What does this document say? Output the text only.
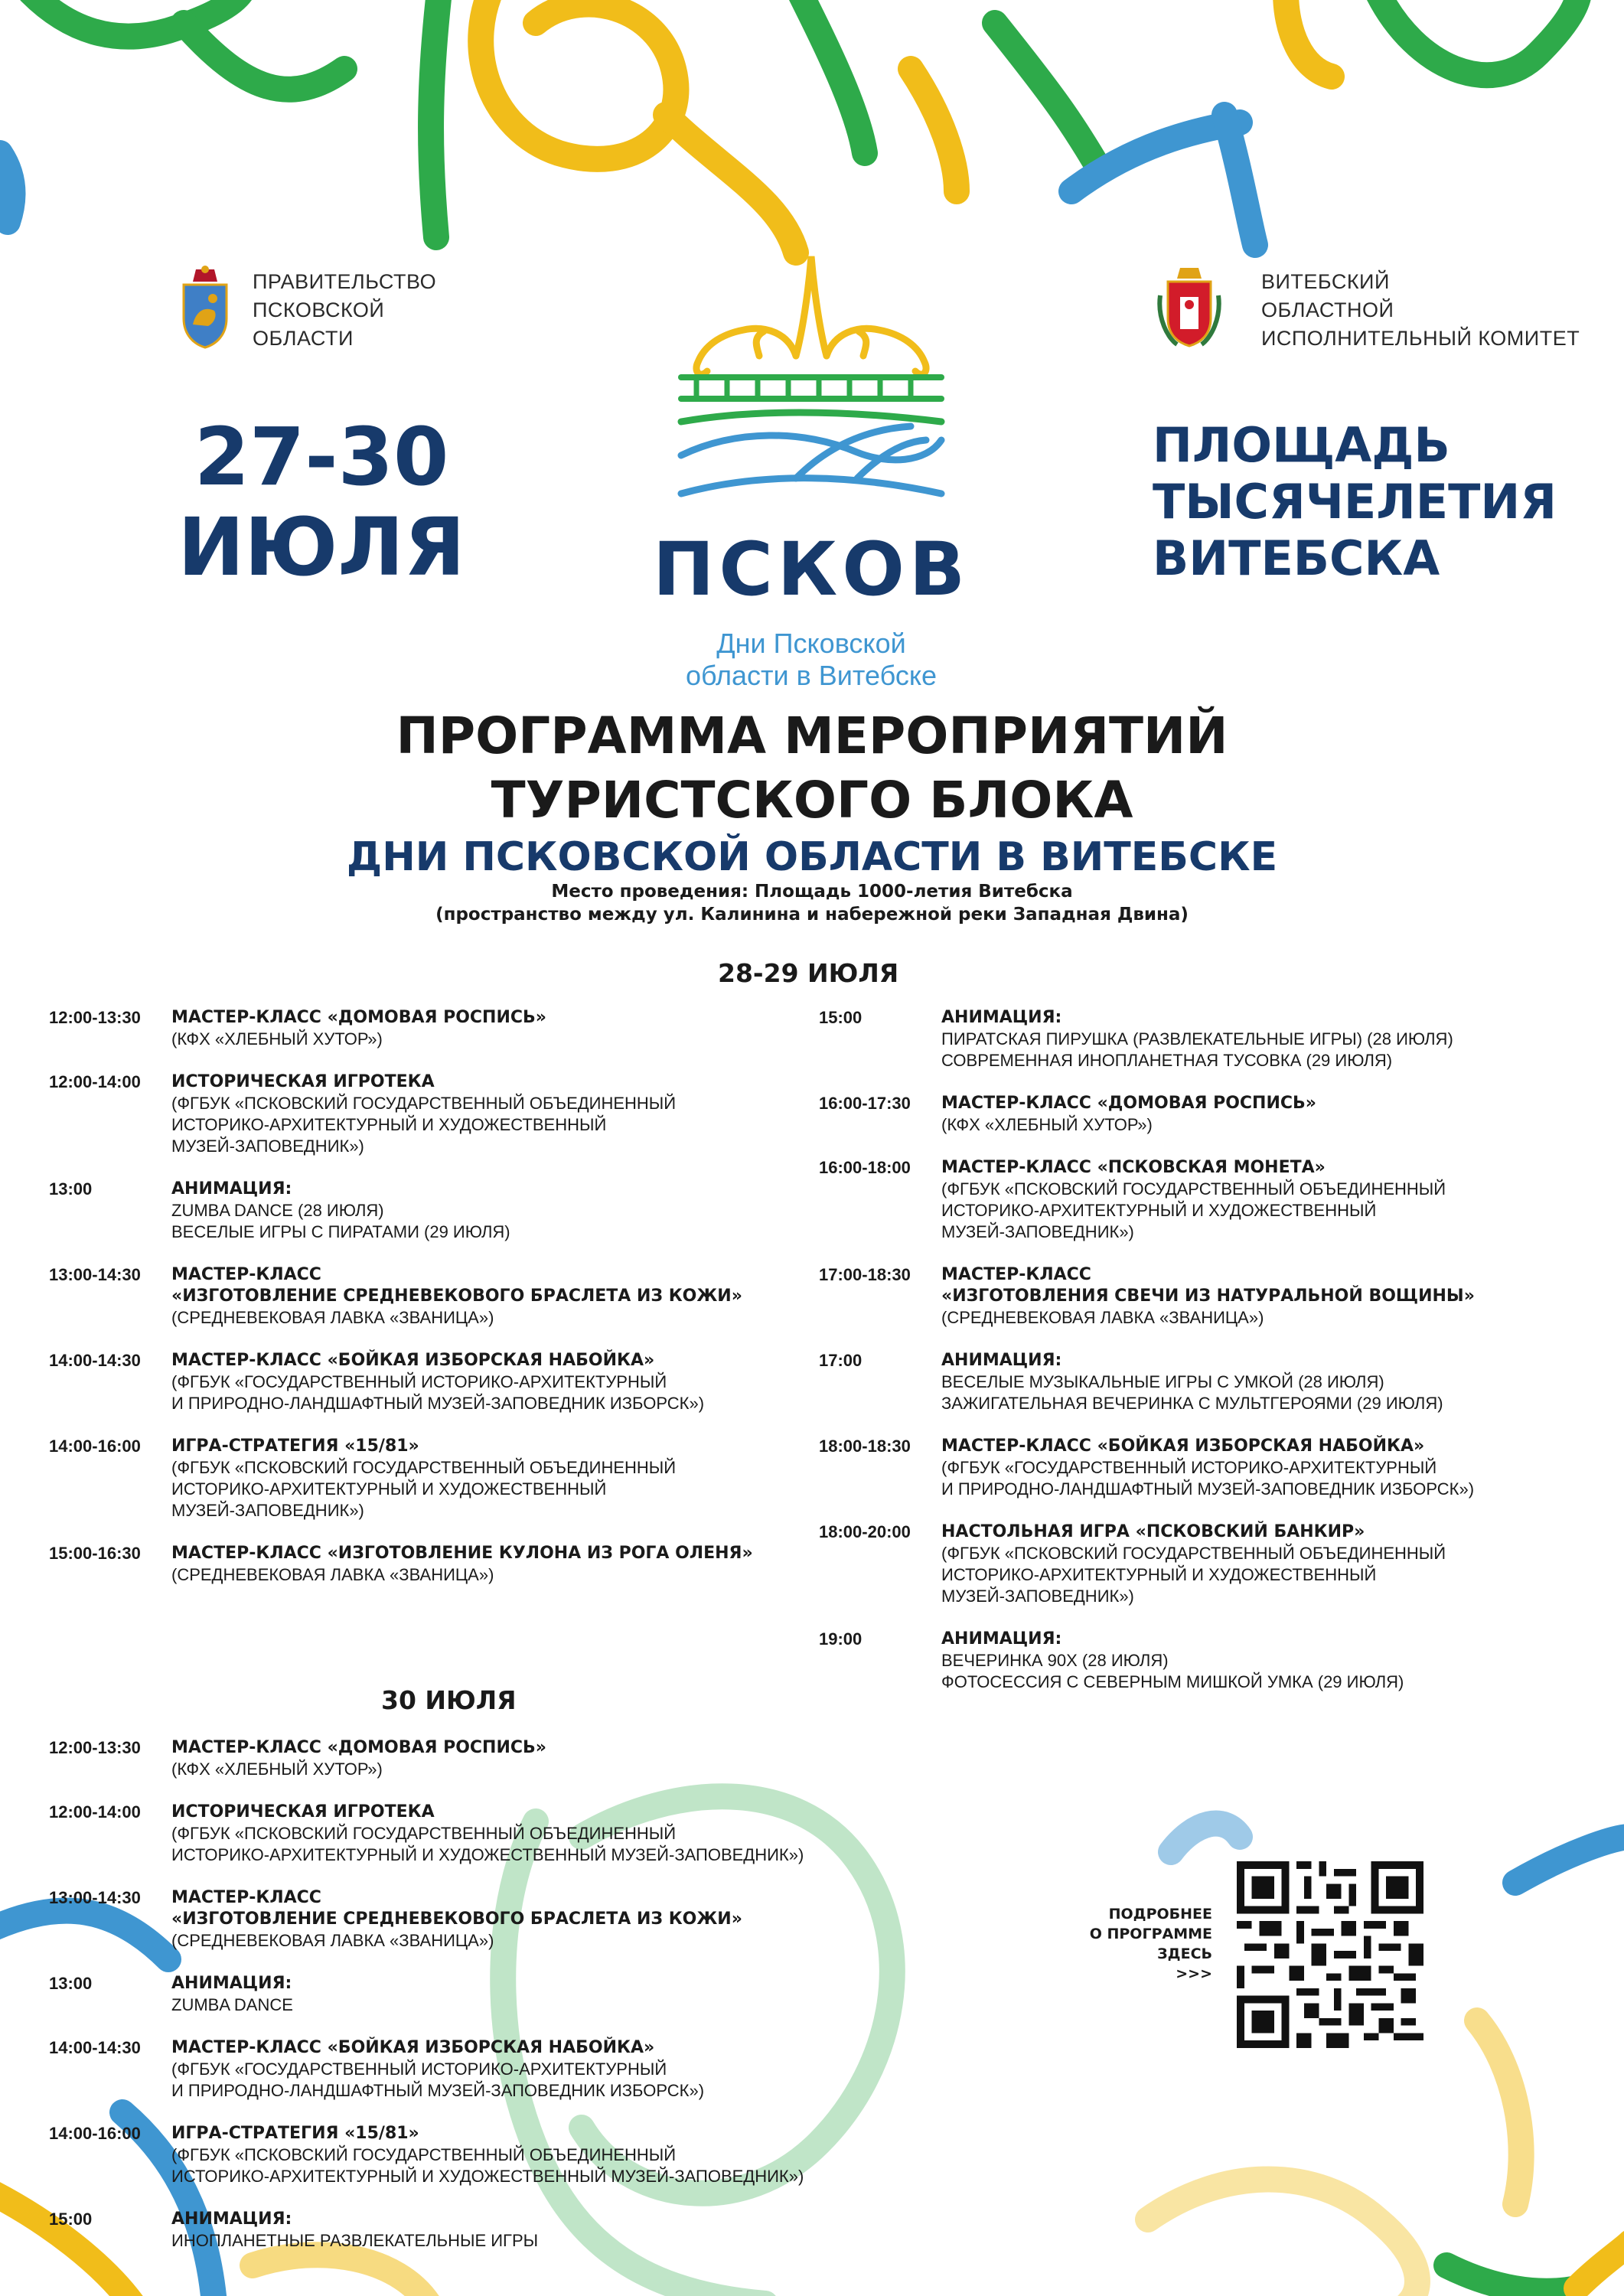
ПРАВИТЕЛЬСТВО
ПСКОВСКОЙ
ОБЛАСТИ
ВИТЕБСКИЙ
ОБЛАСТНОЙ
ИСПОЛНИТЕЛЬНЫЙ КОМИТЕТ
27-30
ИЮЛЯ	ПСКОВ
Дни Псковской
области в Витебске
ПЛОЩАДЬ
ТЫСЯЧЕЛЕТИЯ
ВИТЕБСКА
ПРОГРАММА МЕРОПРИЯТИЙ
ТУРИСТСКОГО БЛОКА
ДНИ ПСКОВСКОЙ ОБЛАСТИ В ВИТЕБСКЕ
Место проведения: Площадь 1000-летия Витебска
(пространство между ул. Калинина и набережной реки Западная Двина)
28-29 ИЮЛЯ
12:00-13:30	МАСТЕР-КЛАСС «ДОМОВАЯ РОСПИСЬ»
(КФХ «ХЛЕБНЫЙ ХУТОР»)
12:00-14:00	ИСТОРИЧЕСКАЯ ИГРОТЕКА
(ФГБУК «ПСКОВСКИЙ ГОСУДАРСТВЕННЫЙ ОБЪЕДИНЕННЫЙ
ИСТОРИКО-АРХИТЕКТУРНЫЙ И ХУДОЖЕСТВЕННЫЙ
МУЗЕЙ-ЗАПОВЕДНИК»)
13:00	АНИМАЦИЯ:
ZUMBA DANCE (28 ИЮЛЯ)
ВЕСЕЛЫЕ ИГРЫ С ПИРАТАМИ (29 ИЮЛЯ)
13:00-14:30	МАСТЕР-КЛАСС
«ИЗГОТОВЛЕНИЕ СРЕДНЕВЕКОВОГО БРАСЛЕТА ИЗ КОЖИ»
(СРЕДНЕВЕКОВАЯ ЛАВКА «ЗВАНИЦА»)
14:00-14:30	МАСТЕР-КЛАСС «БОЙКАЯ ИЗБОРСКАЯ НАБОЙКА»
(ФГБУК «ГОСУДАРСТВЕННЫЙ ИСТОРИКО-АРХИТЕКТУРНЫЙ
И ПРИРОДНО-ЛАНДШАФТНЫЙ МУЗЕЙ-ЗАПОВЕДНИК ИЗБОРСК»)
14:00-16:00	ИГРА-СТРАТЕГИЯ «15/81»
(ФГБУК «ПСКОВСКИЙ ГОСУДАРСТВЕННЫЙ ОБЪЕДИНЕННЫЙ
ИСТОРИКО-АРХИТЕКТУРНЫЙ И ХУДОЖЕСТВЕННЫЙ
МУЗЕЙ-ЗАПОВЕДНИК»)
15:00-16:30	МАСТЕР-КЛАСС «ИЗГОТОВЛЕНИЕ КУЛОНА ИЗ РОГА ОЛЕНЯ»
(СРЕДНЕВЕКОВАЯ ЛАВКА «ЗВАНИЦА»)
15:00	АНИМАЦИЯ:
ПИРАТСКАЯ ПИРУШКА (РАЗВЛЕКАТЕЛЬНЫЕ ИГРЫ) (28 ИЮЛЯ)
СОВРЕМЕННАЯ ИНОПЛАНЕТНАЯ ТУСОВКА (29 ИЮЛЯ)
16:00-17:30	МАСТЕР-КЛАСС «ДОМОВАЯ РОСПИСЬ»
(КФХ «ХЛЕБНЫЙ ХУТОР»)
16:00-18:00	МАСТЕР-КЛАСС «ПСКОВСКАЯ МОНЕТА»
(ФГБУК «ПСКОВСКИЙ ГОСУДАРСТВЕННЫЙ ОБЪЕДИНЕННЫЙ
ИСТОРИКО-АРХИТЕКТУРНЫЙ И ХУДОЖЕСТВЕННЫЙ
МУЗЕЙ-ЗАПОВЕДНИК»)
17:00-18:30	МАСТЕР-КЛАСС
«ИЗГОТОВЛЕНИЯ СВЕЧИ ИЗ НАТУРАЛЬНОЙ ВОЩИНЫ»
(СРЕДНЕВЕКОВАЯ ЛАВКА «ЗВАНИЦА»)
17:00	АНИМАЦИЯ:
ВЕСЕЛЫЕ МУЗЫКАЛЬНЫЕ ИГРЫ С УМКОЙ (28 ИЮЛЯ)
ЗАЖИГАТЕЛЬНАЯ ВЕЧЕРИНКА С МУЛЬТГЕРОЯМИ (29 ИЮЛЯ)
18:00-18:30	МАСТЕР-КЛАСС «БОЙКАЯ ИЗБОРСКАЯ НАБОЙКА»
(ФГБУК «ГОСУДАРСТВЕННЫЙ ИСТОРИКО-АРХИТЕКТУРНЫЙ
И ПРИРОДНО-ЛАНДШАФТНЫЙ МУЗЕЙ-ЗАПОВЕДНИК ИЗБОРСК»)
18:00-20:00	НАСТОЛЬНАЯ ИГРА «ПСКОВСКИЙ БАНКИР»
(ФГБУК «ПСКОВСКИЙ ГОСУДАРСТВЕННЫЙ ОБЪЕДИНЕННЫЙ
ИСТОРИКО-АРХИТЕКТУРНЫЙ И ХУДОЖЕСТВЕННЫЙ
МУЗЕЙ-ЗАПОВЕДНИК»)
19:00	АНИМАЦИЯ:
ВЕЧЕРИНКА 90Х (28 ИЮЛЯ)
ФОТОСЕССИЯ С СЕВЕРНЫМ МИШКОЙ УМКА (29 ИЮЛЯ)
30 ИЮЛЯ
12:00-13:30	МАСТЕР-КЛАСС «ДОМОВАЯ РОСПИСЬ»
(КФХ «ХЛЕБНЫЙ ХУТОР»)
12:00-14:00	ИСТОРИЧЕСКАЯ ИГРОТЕКА
(ФГБУК «ПСКОВСКИЙ ГОСУДАРСТВЕННЫЙ ОБЪЕДИНЕННЫЙ
ИСТОРИКО-АРХИТЕКТУРНЫЙ И ХУДОЖЕСТВЕННЫЙ МУЗЕЙ-ЗАПОВЕДНИК»)
13:00-14:30	МАСТЕР-КЛАСС
«ИЗГОТОВЛЕНИЕ СРЕДНЕВЕКОВОГО БРАСЛЕТА ИЗ КОЖИ»
(СРЕДНЕВЕКОВАЯ ЛАВКА «ЗВАНИЦА»)
13:00	АНИМАЦИЯ:
ZUMBA DANCE
14:00-14:30	МАСТЕР-КЛАСС «БОЙКАЯ ИЗБОРСКАЯ НАБОЙКА»
(ФГБУК «ГОСУДАРСТВЕННЫЙ ИСТОРИКО-АРХИТЕКТУРНЫЙ
И ПРИРОДНО-ЛАНДШАФТНЫЙ МУЗЕЙ-ЗАПОВЕДНИК ИЗБОРСК»)
14:00-16:00	ИГРА-СТРАТЕГИЯ «15/81»
(ФГБУК «ПСКОВСКИЙ ГОСУДАРСТВЕННЫЙ ОБЪЕДИНЕННЫЙ
ИСТОРИКО-АРХИТЕКТУРНЫЙ И ХУДОЖЕСТВЕННЫЙ МУЗЕЙ-ЗАПОВЕДНИК»)
15:00	АНИМАЦИЯ:
ИНОПЛАНЕТНЫЕ РАЗВЛЕКАТЕЛЬНЫЕ ИГРЫ
ПОДРОБНЕЕ
О ПРОГРАММЕ
ЗДЕСЬ
>>>
